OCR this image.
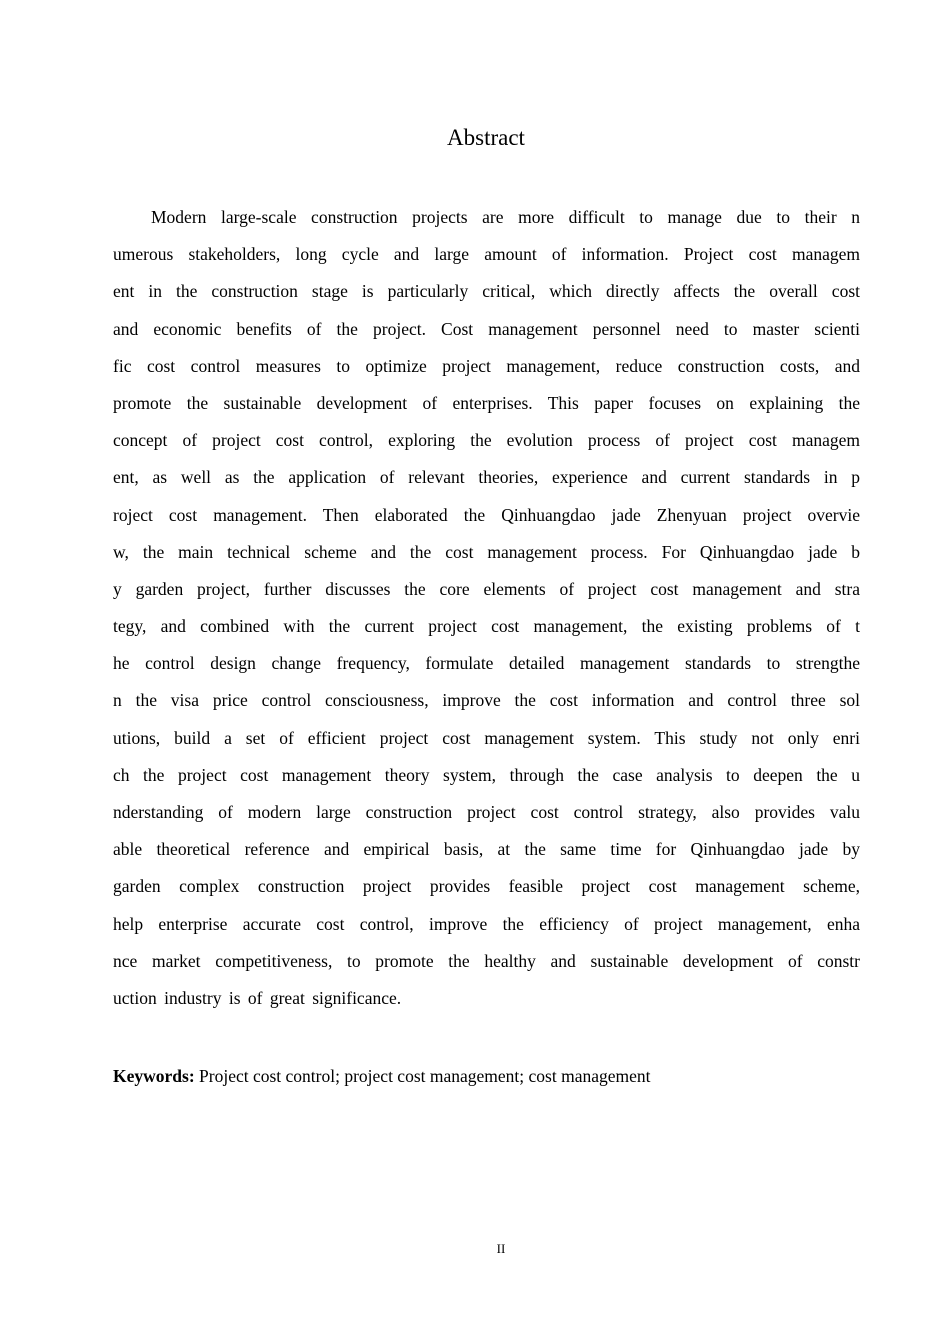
Abstract
Modern large-scale construction projects are more difficult to manage due to their n
umerous stakeholders, long cycle and large amount of information. Project cost managem
ent in the construction stage is particularly critical, which directly affects the overall cost
and economic benefits of the project. Cost management personnel need to master scienti
fic cost control measures to optimize project management, reduce construction costs, and
promote the sustainable development of enterprises. This paper focuses on explaining the
concept of project cost control, exploring the evolution process of project cost managem
ent, as well as the application of relevant theories, experience and current standards in p
roject cost management. Then elaborated the Qinhuangdao jade Zhenyuan project overvie
w, the main technical scheme and the cost management process. For Qinhuangdao jade b
y garden project, further discusses the core elements of project cost management and stra
tegy, and combined with the current project cost management, the existing problems of t
he control design change frequency, formulate detailed management standards to strengthe
n the visa price control consciousness, improve the cost information and control three sol
utions, build a set of efficient project cost management system. This study not only enri
ch the project cost management theory system, through the case analysis to deepen the u
nderstanding of modern large construction project cost control strategy, also provides valu
able theoretical reference and empirical basis, at the same time for Qinhuangdao jade by
garden complex construction project provides feasible project cost management scheme,
help enterprise accurate cost control, improve the efficiency of project management, enha
nce market competitiveness, to promote the healthy and sustainable development of constr
uction industry is of great significance.

Keywords: Project cost control; project cost management; cost management

II
